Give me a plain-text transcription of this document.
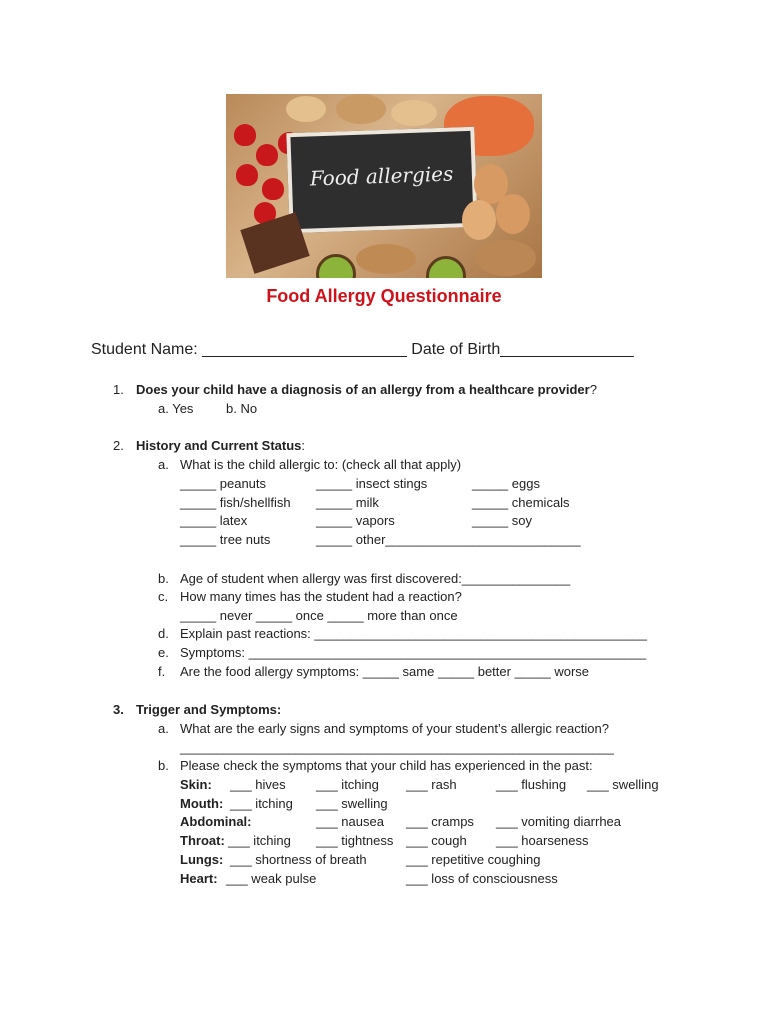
Food allergies
Food Allergy Questionnaire
Student Name: _______________________ Date of Birth_______________
1. Does your child have a diagnosis of an allergy from a healthcare provider?
a. Yes	b. No
2. History and Current Status:
a. What is the child allergic to: (check all that apply)
_____ peanuts	_____ insect stings	_____ eggs
_____ fish/shellfish _____ milk	_____ chemicals
_____ latex	_____ vapors	_____ soy
_____ tree nuts	_____ other___________________________
b. Age of student when allergy was first discovered:_______________
c. How many times has the student had a reaction?
_____ never _____ once _____ more than once
d. Explain past reactions: ______________________________________________
e. Symptoms: _______________________________________________________
f. Are the food allergy symptoms: _____ same _____ better _____ worse
3. Trigger and Symptoms:
a. What are the early signs and symptoms of your student’s allergic reaction?
____________________________________________________________
b. Please check the symptoms that your child has experienced in the past:
Skin: ___ hives ___ itching ___ rash	___ flushing ___ swelling
Mouth: ___ itching ___ swelling
Abdominal:	___ nausea ___ cramps ___ vomiting diarrhea
Throat: ___ itching ___ tightness ___ cough ___ hoarseness
Lungs: ___ shortness of breath	___ repetitive coughing
Heart: ___ weak pulse	___ loss of consciousness
